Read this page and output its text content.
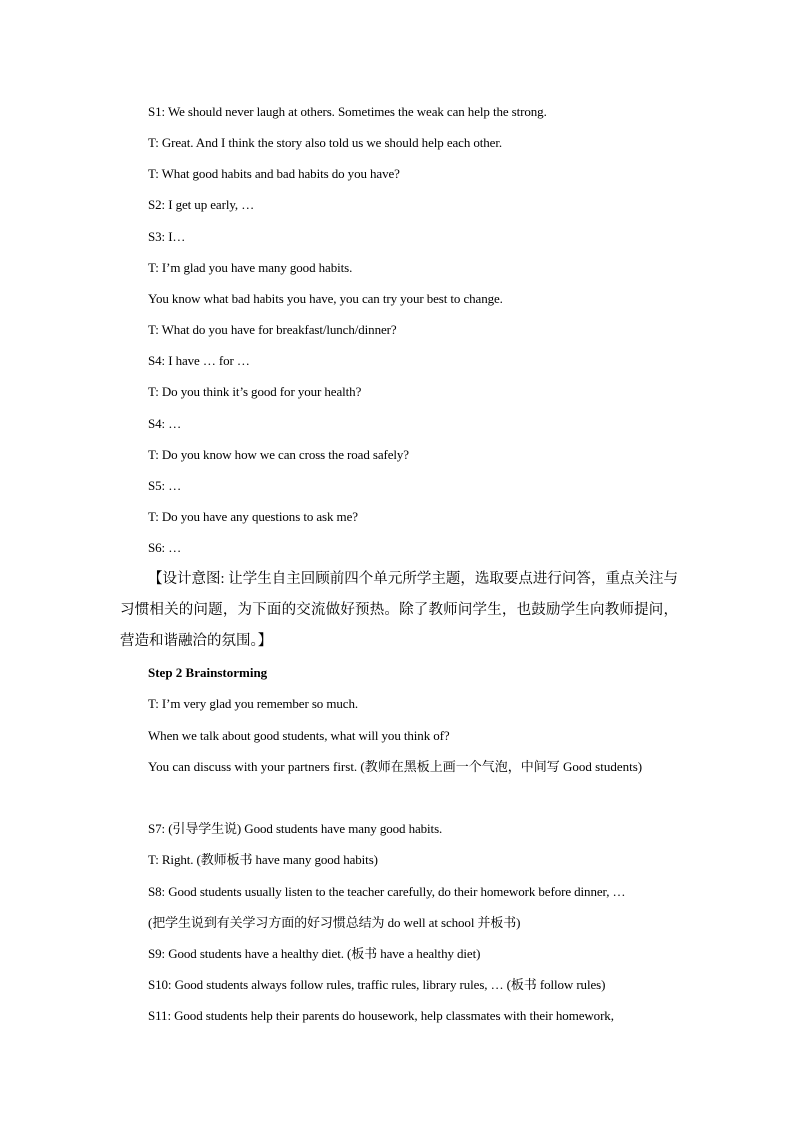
S1: We should never laugh at others. Sometimes the weak can help the strong.
T: Great. And I think the story also told us we should help each other.
T: What good habits and bad habits do you have?
S2: I get up early, …
S3: I…
T: I’m glad you have many good habits.
You know what bad habits you have, you can try your best to change.
T: What do you have for breakfast/lunch/dinner?
S4: I have … for …
T: Do you think it’s good for your health?
S4: …
T: Do you know how we can cross the road safely?
S5: …
T: Do you have any questions to ask me?
S6: …
【设计意图: 让学生自主回顾前四个单元所学主题，选取要点进行问答，重点关注与习惯相关的问题，为下面的交流做好预热。除了教师问学生，也鼓励学生向教师提问，营造和谐融洽的氛围。】
Step 2 Brainstorming
T: I’m very glad you remember so much.
When we talk about good students, what will you think of?
You can discuss with your partners first. (教师在黑板上画一个气泡，中间写 Good students)
S7: (引导学生说) Good students have many good habits.
T: Right. (教师板书 have many good habits)
S8: Good students usually listen to the teacher carefully, do their homework before dinner, …
(把学生说到有关学习方面的好习惯总结为 do well at school 并板书)
S9: Good students have a healthy diet. (板书 have a healthy diet)
S10: Good students always follow rules, traffic rules, library rules, … (板书 follow rules)
S11: Good students help their parents do housework, help classmates with their homework,
